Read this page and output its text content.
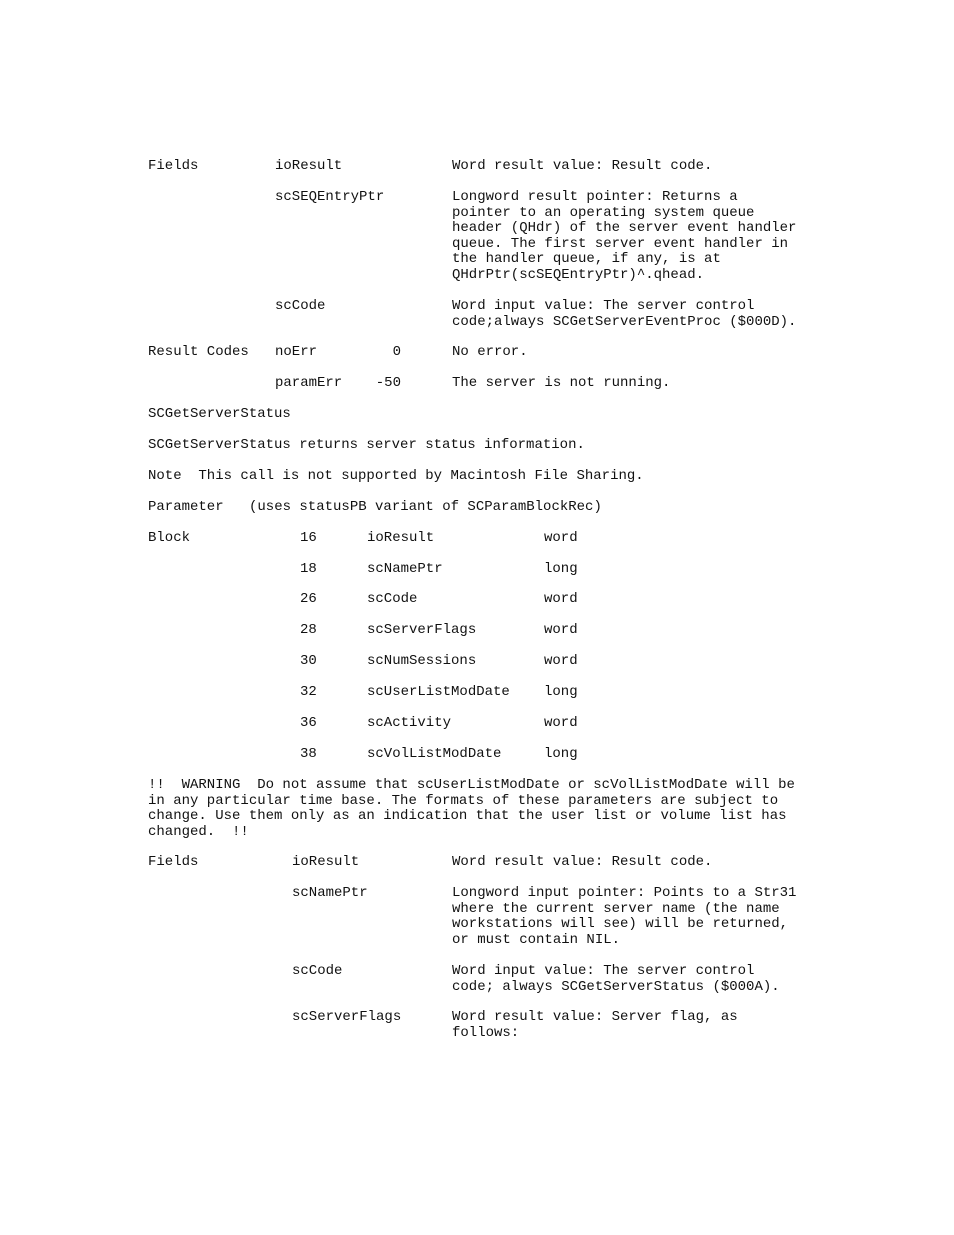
Fields	ioResult	Word result value: Result code.
scSEQEntryPtr	Longword result pointer: Returns a
pointer to an operating system queue
header (QHdr) of the server event handler
queue. The first server event handler in
the handler queue, if any, is at
QHdrPtr(scSEQEntryPtr)^.qhead.
scCode	Word input value: The server control
code;always SCGetServerEventProc ($000D).
Result Codes noErr	0	No error.
paramErr	-50	The server is not running.
SCGetServerStatus
SCGetServerStatus returns server status information.
Note  This call is not supported by Macintosh File Sharing.
Parameter (uses statusPB variant of SCParamBlockRec)
Block	16	ioResult	word
18	scNamePtr	long
26	scCode	word
28	scServerFlags	word
30	scNumSessions	word
32	scUserListModDate long
36	scActivity	word
38	scVolListModDate	long
!!  WARNING  Do not assume that scUserListModDate or scVolListModDate will be
in any particular time base. The formats of these parameters are subject to
change. Use them only as an indication that the user list or volume list has
changed.  !!
Fields	ioResult	Word result value: Result code.
scNamePtr	Longword input pointer: Points to a Str31
where the current server name (the name
workstations will see) will be returned,
or must contain NIL.
scCode	Word input value: The server control
code; always SCGetServerStatus ($000A).
scServerFlags	Word result value: Server flag, as
follows:
